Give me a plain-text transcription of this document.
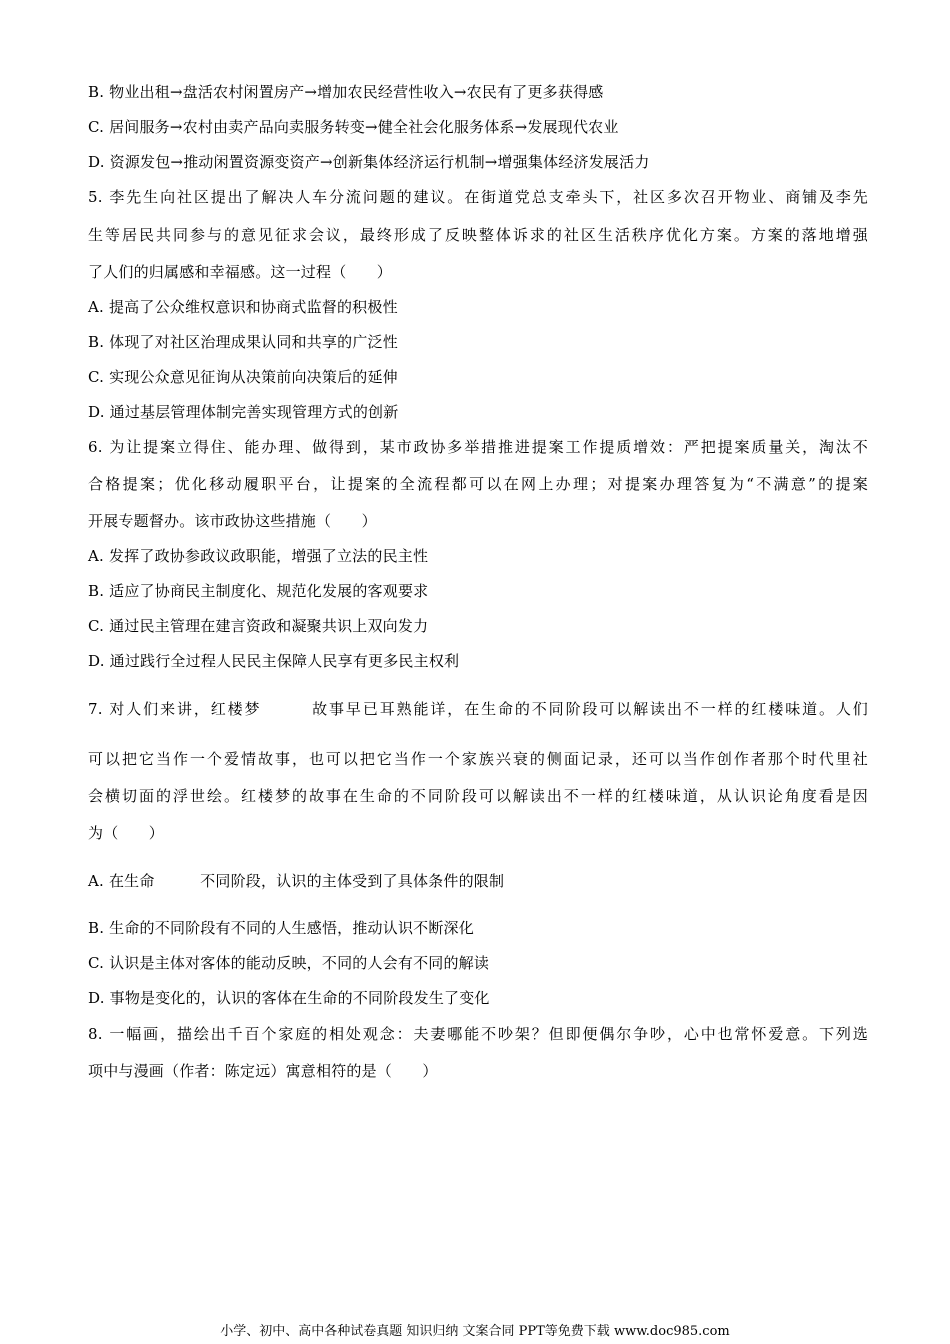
B. 物业出租→盘活农村闲置房产→增加农民经营性收入→农民有了更多获得感
C. 居间服务→农村由卖产品向卖服务转变→健全社会化服务体系→发展现代农业
D. 资源发包→推动闲置资源变资产→创新集体经济运行机制→增强集体经济发展活力
5. 李先生向社区提出了解决人车分流问题的建议。在街道党总支牵头下，社区多次召开物业、商铺及李先
生等居民共同参与的意见征求会议，最终形成了反映整体诉求的社区生活秩序优化方案。方案的落地增强
了人们的归属感和幸福感。这一过程（　　）
A. 提高了公众维权意识和协商式监督的积极性
B. 体现了对社区治理成果认同和共享的广泛性
C. 实现公众意见征询从决策前向决策后的延伸
D. 通过基层管理体制完善实现管理方式的创新
6. 为让提案立得住、能办理、做得到，某市政协多举措推进提案工作提质增效：严把提案质量关，淘汰不
合格提案；优化移动履职平台，让提案的全流程都可以在网上办理；对提案办理答复为“不满意”的提案
开展专题督办。该市政协这些措施（　　）
A. 发挥了政协参政议政职能，增强了立法的民主性
B. 适应了协商民主制度化、规范化发展的客观要求
C. 通过民主管理在建言资政和凝聚共识上双向发力
D. 通过践行全过程人民民主保障人民享有更多民主权利
7. 对人们来讲，红楼梦　　　故事早已耳熟能详，在生命的不同阶段可以解读出不一样的红楼味道。人们
可以把它当作一个爱情故事，也可以把它当作一个家族兴衰的侧面记录，还可以当作创作者那个时代里社
会横切面的浮世绘。红楼梦的故事在生命的不同阶段可以解读出不一样的红楼味道，从认识论角度看是因
为（　　）
A. 在生命　　　不同阶段，认识的主体受到了具体条件的限制
B. 生命的不同阶段有不同的人生感悟，推动认识不断深化
C. 认识是主体对客体的能动反映，不同的人会有不同的解读
D. 事物是变化的，认识的客体在生命的不同阶段发生了变化
8. 一幅画，描绘出千百个家庭的相处观念：夫妻哪能不吵架？但即便偶尔争吵，心中也常怀爱意。下列选
项中与漫画（作者：陈定远）寓意相符的是（　　）
小学、初中、高中各种试卷真题 知识归纳 文案合同 PPT等免费下载 www.doc985.com
